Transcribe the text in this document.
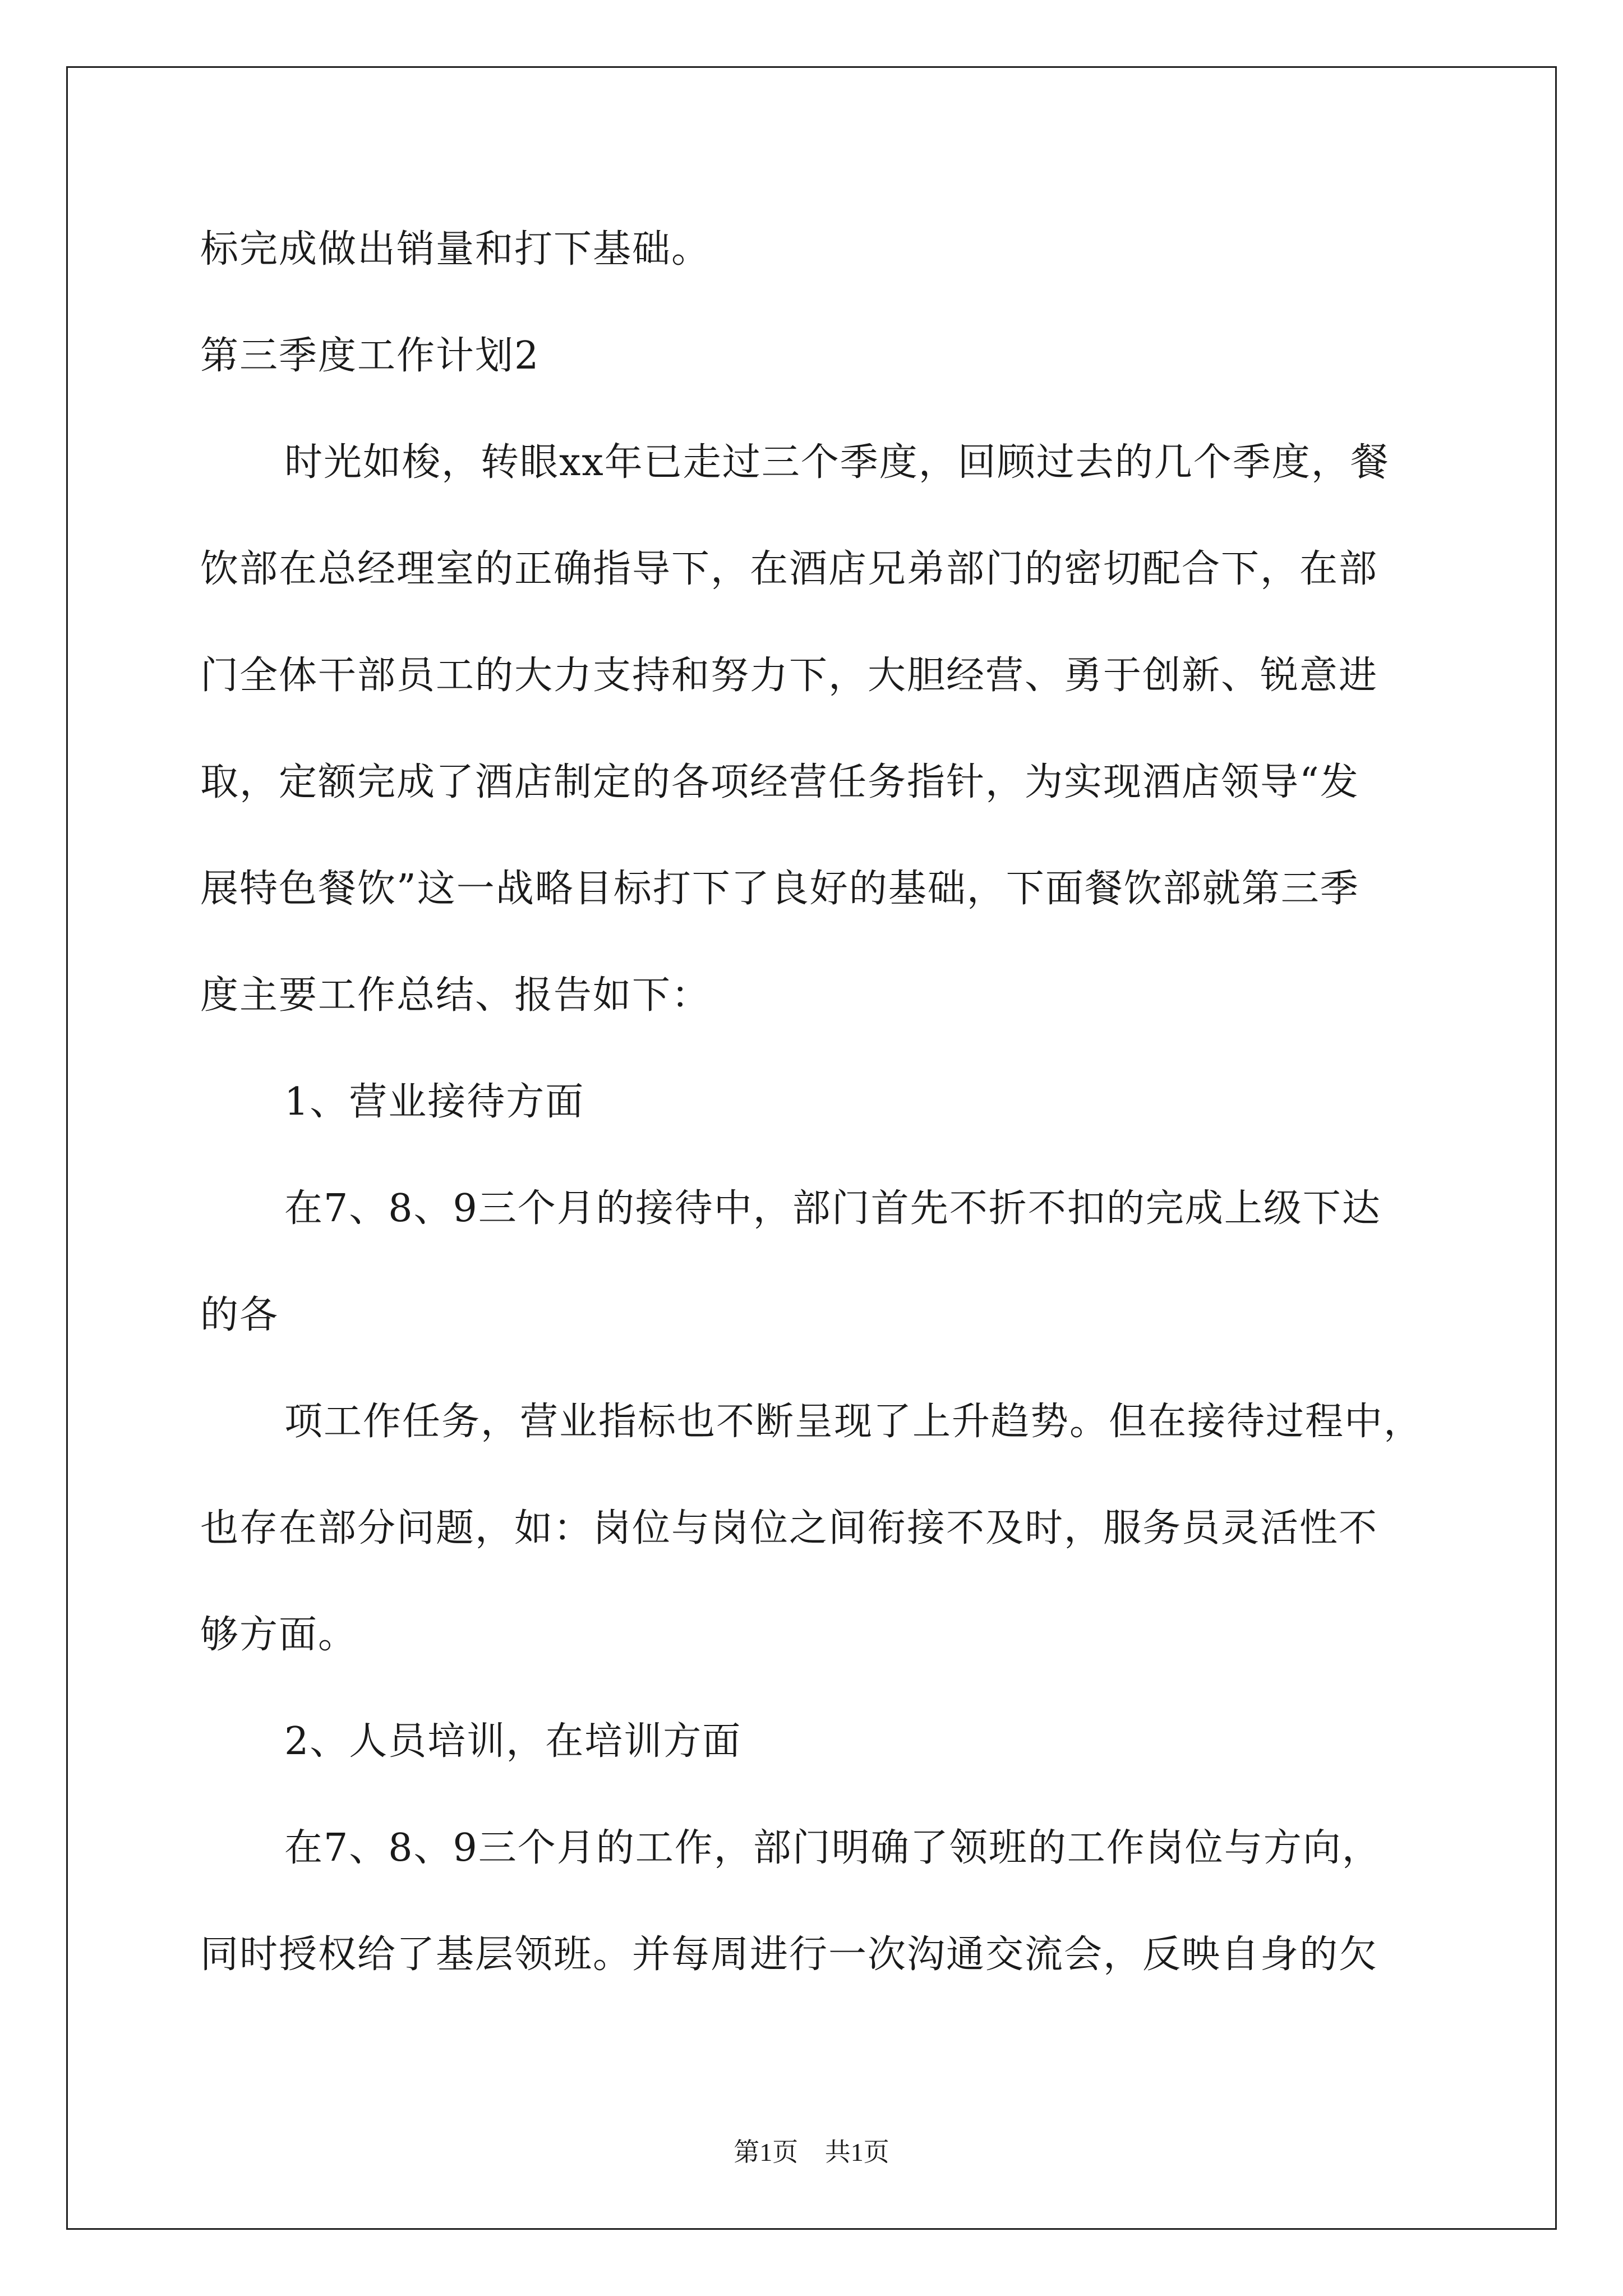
标完成做出销量和打下基础。
第三季度工作计划2
时光如梭，转眼xx年已走过三个季度，回顾过去的几个季度，餐
饮部在总经理室的正确指导下，在酒店兄弟部门的密切配合下，在部
门全体干部员工的大力支持和努力下，大胆经营、勇于创新、锐意进
取，定额完成了酒店制定的各项经营任务指针，为实现酒店领导“发
展特色餐饮”这一战略目标打下了良好的基础，下面餐饮部就第三季
度主要工作总结、报告如下：
1、营业接待方面
在7、8、9三个月的接待中，部门首先不折不扣的完成上级下达
的各
项工作任务，营业指标也不断呈现了上升趋势。但在接待过程中，
也存在部分问题，如：岗位与岗位之间衔接不及时，服务员灵活性不
够方面。
2、人员培训，在培训方面
在7、8、9三个月的工作，部门明确了领班的工作岗位与方向，
同时授权给了基层领班。并每周进行一次沟通交流会，反映自身的欠
第1页 共1页
